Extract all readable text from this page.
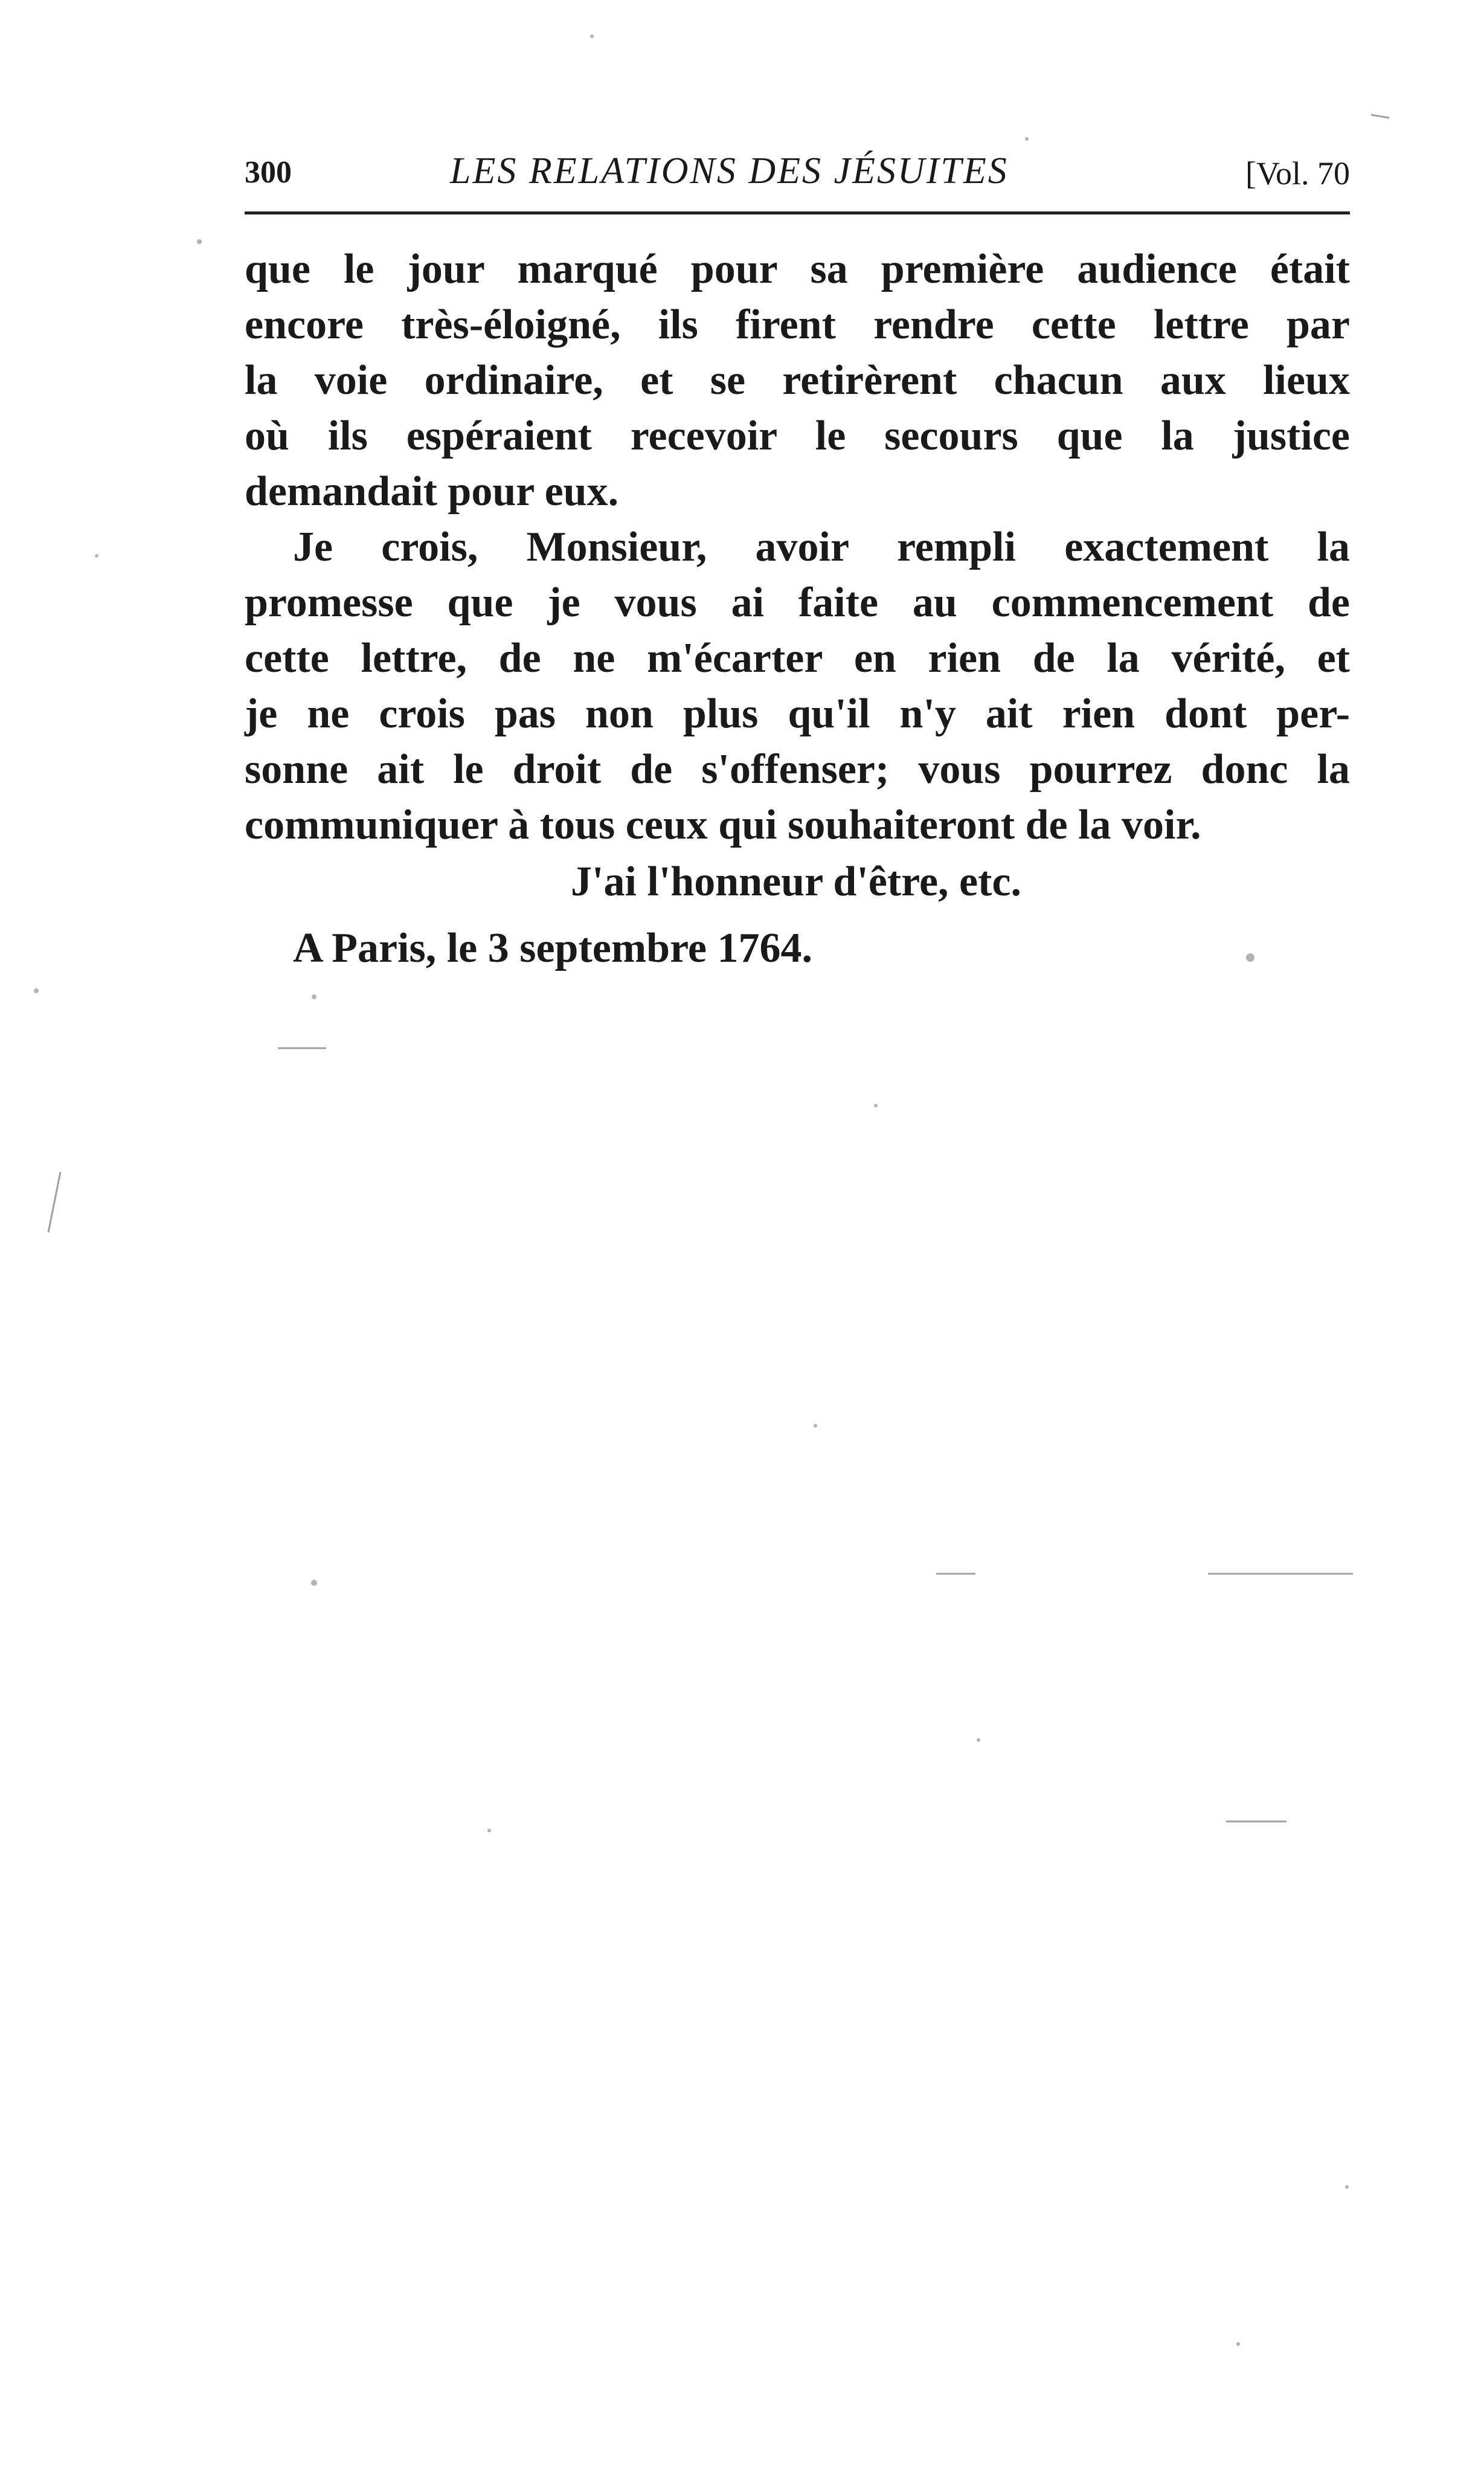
300	LES RELATIONS DES JÉSUITES	[Vol. 70
que le jour marqué pour sa première audience était
encore très-éloigné, ils firent rendre cette lettre par
la voie ordinaire, et se retirèrent chacun aux lieux
où ils espéraient recevoir le secours que la justice
demandait pour eux.
Je crois, Monsieur, avoir rempli exactement la
promesse que je vous ai faite au commencement de
cette lettre, de ne m'écarter en rien de la vérité, et
je ne crois pas non plus qu'il n'y ait rien dont per-
sonne ait le droit de s'offenser; vous pourrez donc la
communiquer à tous ceux qui souhaiteront de la voir.
J'ai l'honneur d'être, etc.
A Paris, le 3 septembre 1764.
